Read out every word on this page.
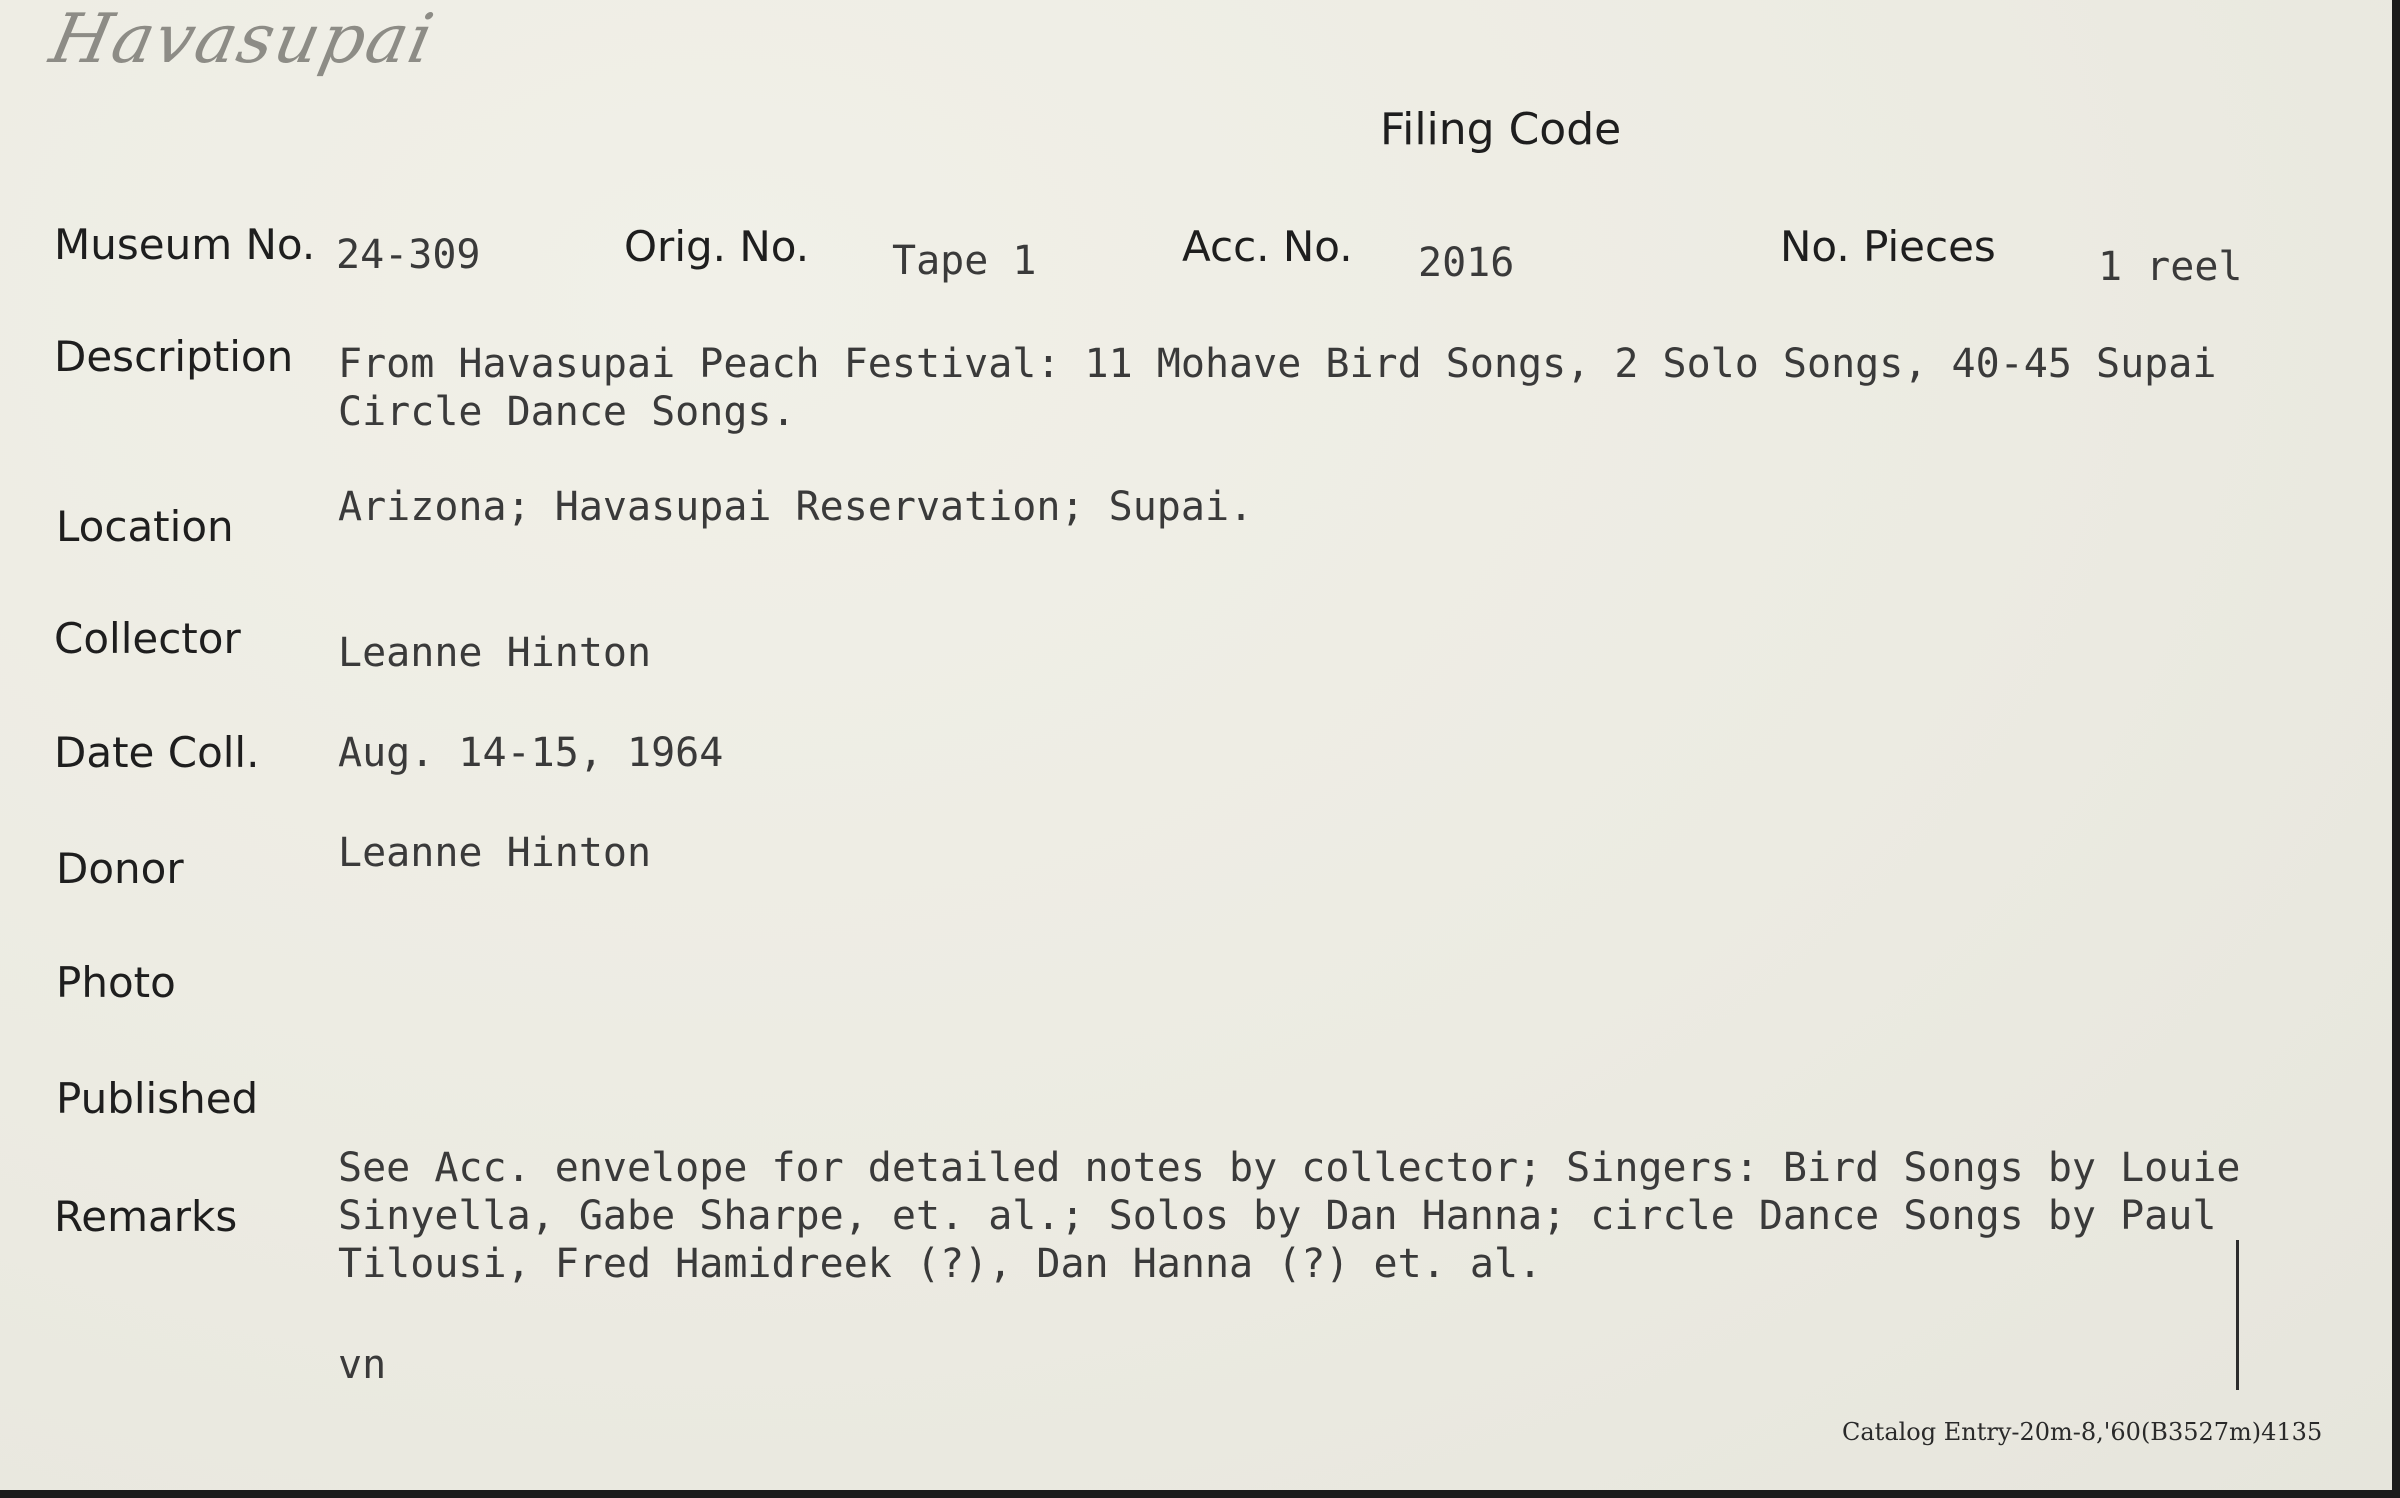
Havasupai
Filing Code
Museum No. 24-309	Orig. No. Tape 1	Acc. No. 2016	No. Pieces	1 reel
Description From Havasupai Peach Festival: 11 Mohave Bird Songs, 2 Solo Songs, 40-45 Supai Circle Dance Songs.
Location	Arizona; Havasupai Reservation; Supai.
Collector Leanne Hinton
Date Coll. Aug. 14-15, 1964
Donor	Leanne Hinton
Photo
Published
Remarks
See Acc. envelope for detailed notes by collector; Singers: Bird Songs by Louie Sinyella, Gabe Sharpe, et. al.; Solos by Dan Hanna; circle Dance Songs by Paul Tilousi, Fred Hamidreek (?), Dan Hanna (?) et. al.
vn
Catalog Entry-20m-8,'60(B3527m)4135
